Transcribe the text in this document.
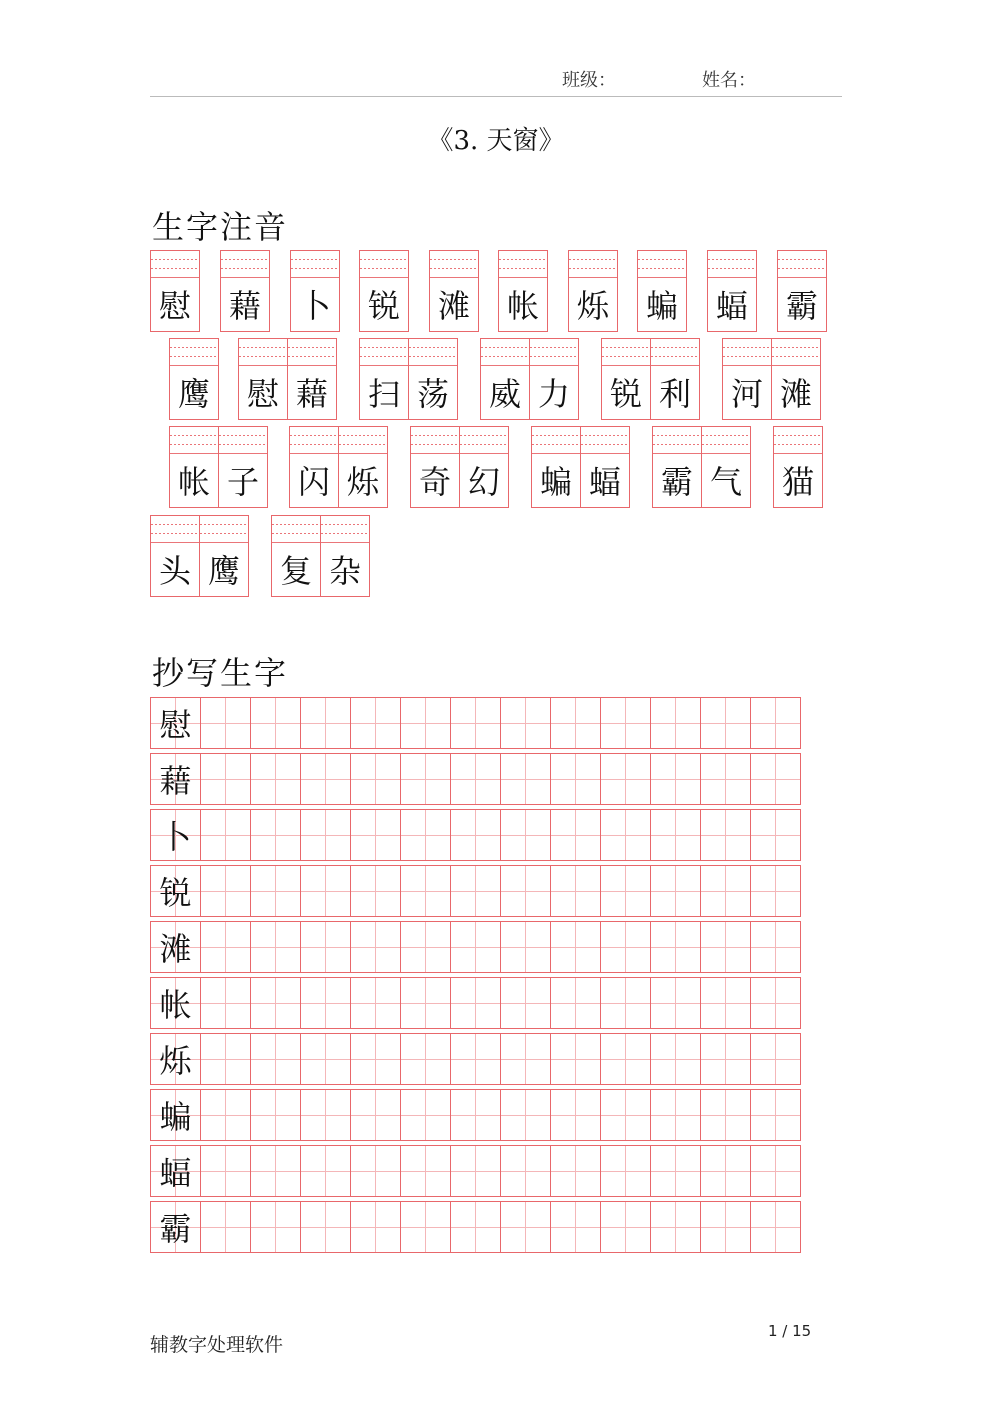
班级：	姓名：
《3. 天窗》
生字注音
慰 藉 卜 锐 滩 帐 烁 蝙 蝠 霸
鹰 慰 藉 扫 荡 威 力 锐 利 河 滩
帐 子 闪 烁 奇 幻 蝙 蝠 霸 气 猫
头 鹰 复 杂
抄写生字
慰
藉
卜
锐
滩
帐
烁
蝙
蝠
霸
辅教字处理软件
1 / 15
